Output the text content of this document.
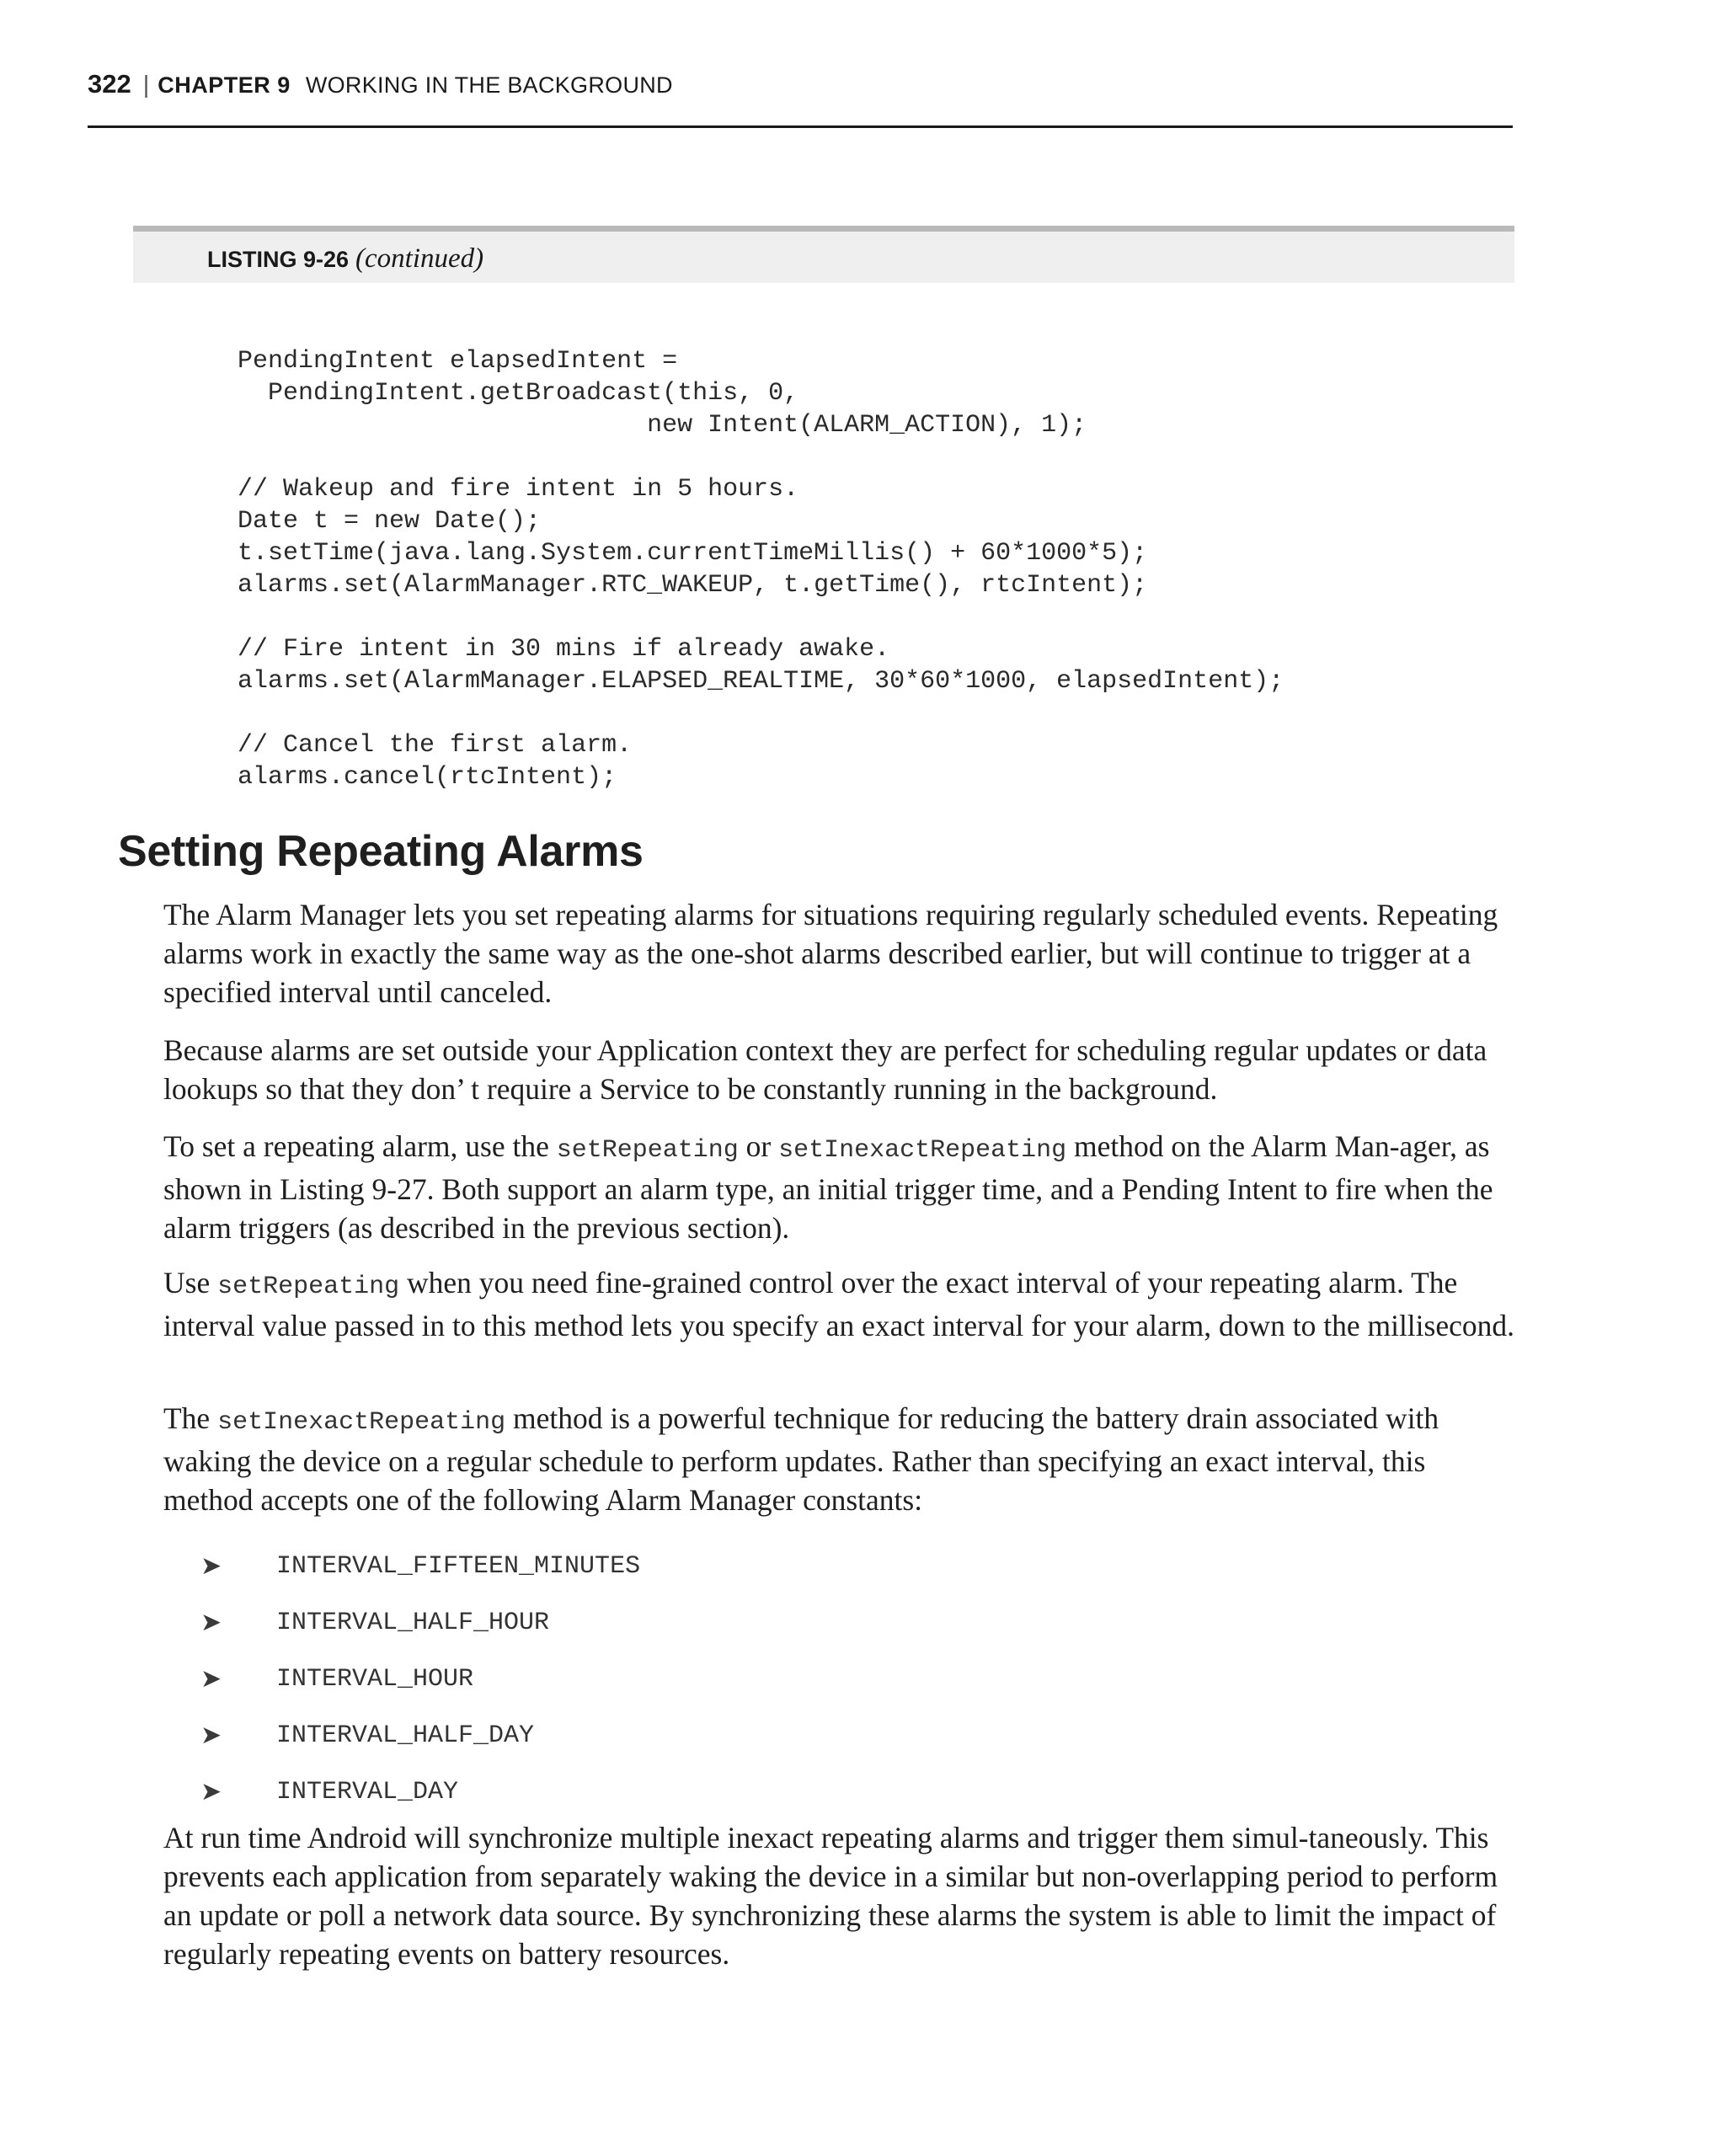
322 | CHAPTER 9 WORKING IN THE BACKGROUND
LISTING 9-26 (continued)
PendingIntent elapsedIntent =
PendingIntent.getBroadcast(this, 0,
new Intent(ALARM_ACTION), 1);

// Wakeup and fire intent in 5 hours.
Date t = new Date();
t.setTime(java.lang.System.currentTimeMillis() + 60*1000*5);
alarms.set(AlarmManager.RTC_WAKEUP, t.getTime(), rtcIntent);

// Fire intent in 30 mins if already awake.
alarms.set(AlarmManager.ELAPSED_REALTIME, 30*60*1000, elapsedIntent);

// Cancel the first alarm.
alarms.cancel(rtcIntent);
Setting Repeating Alarms

The Alarm Manager lets you set repeating alarms for situations requiring regularly scheduled events. Repeating alarms work in exactly the same way as the one-shot alarms described earlier, but will continue to trigger at a specified interval until canceled.

Because alarms are set outside your Application context they are perfect for scheduling regular updates or data lookups so that they don’ t require a Service to be constantly running in the background.

To set a repeating alarm, use the setRepeating or setInexactRepeating method on the Alarm Man-ager, as shown in Listing 9-27. Both support an alarm type, an initial trigger time, and a Pending Intent to fire when the alarm triggers (as described in the previous section).

Use setRepeating when you need fine-grained control over the exact interval of your repeating alarm. The interval value passed in to this method lets you specify an exact interval for your alarm, down to the millisecond.

The setInexactRepeating method is a powerful technique for reducing the battery drain associated with waking the device on a regular schedule to perform updates. Rather than specifying an exact interval, this method accepts one of the following Alarm Manager constants:

➤	INTERVAL_FIFTEEN_MINUTES
➤	INTERVAL_HALF_HOUR
➤	INTERVAL_HOUR
➤	INTERVAL_HALF_DAY
➤	INTERVAL_DAY

At run time Android will synchronize multiple inexact repeating alarms and trigger them simul-taneously. This prevents each application from separately waking the device in a similar but non-overlapping period to perform an update or poll a network data source. By synchronizing these alarms the system is able to limit the impact of regularly repeating events on battery resources.
